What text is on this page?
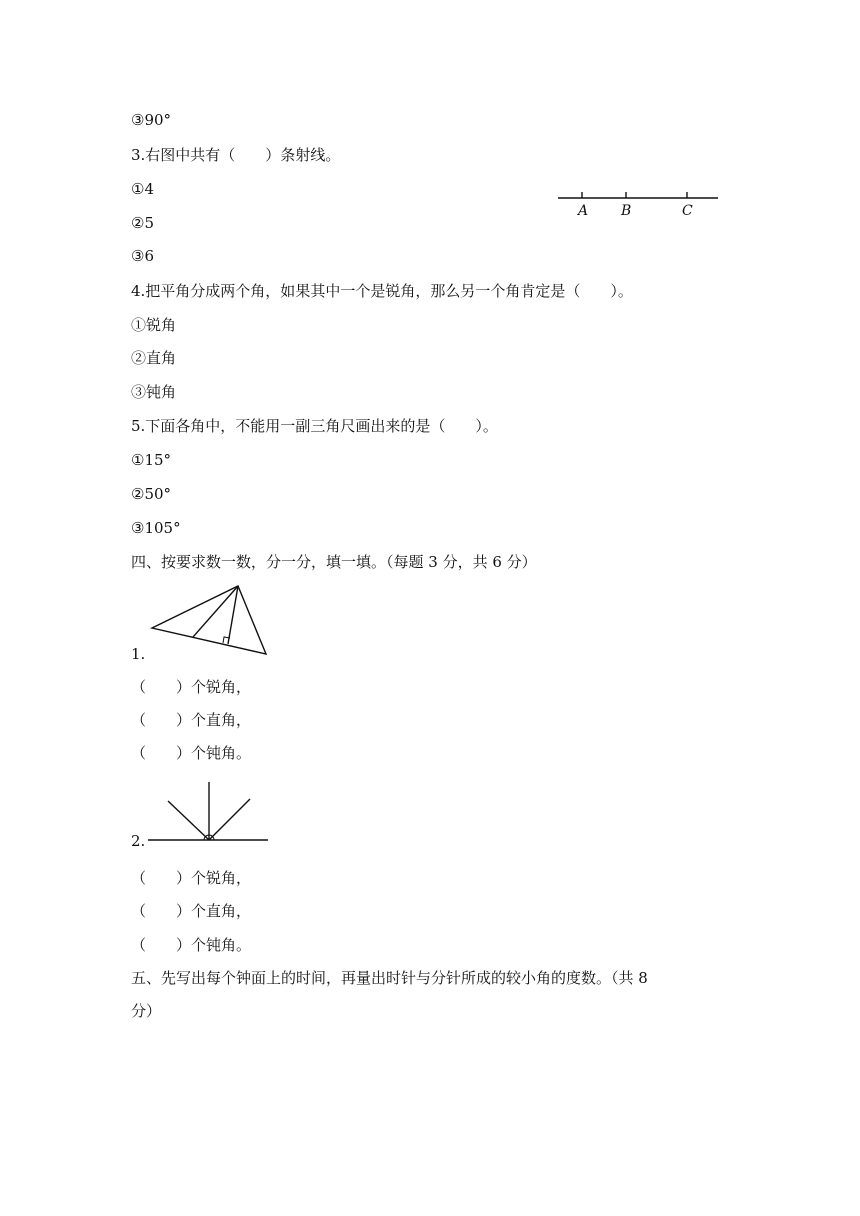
③90°
3.右图中共有（　　）条射线。
①4
②5
③6
4.把平角分成两个角，如果其中一个是锐角，那么另一个角肯定是（　　）。
①锐角
②直角
③钝角
5.下面各角中，不能用一副三角尺画出来的是（　　）。
①15°
②50°
③105°
四、按要求数一数，分一分，填一填。（每题 3 分，共 6 分）
1.
（　　）个锐角，
（　　）个直角，
（　　）个钝角。
2.
（　　）个锐角，
（　　）个直角，
（　　）个钝角。
五、先写出每个钟面上的时间，再量出时针与分针所成的较小角的度数。（共 8
分）
A B	C
